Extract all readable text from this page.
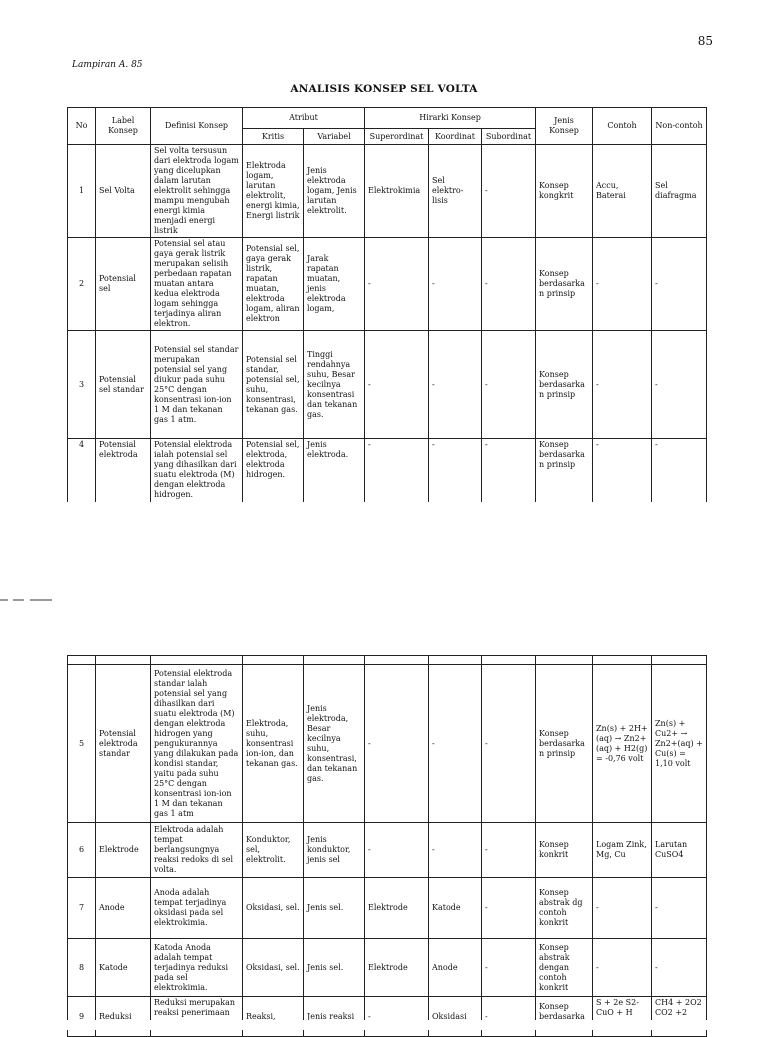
85
Lampiran A. 85
ANALISIS KONSEP SEL VOLTA
No	Label Konsep	Definisi Konsep	Atribut		Hirarki Konsep			Jenis Konsep	Contoh	Non-contoh
			Kritis	Variabel	Superordinat	Koordinat	Subordinat			
1	Sel Volta	Sel volta tersusun dari elektroda logam yang dicelupkan dalam larutan elektrolit sehingga mampu mengubah energi kimia menjadi energi listrik	Elektroda logam, larutan elektrolit, energi kimia, Energi listrik	Jenis elektroda logam, Jenis larutan elektrolit.	Elektrokimia	Sel elektro-lisis	-	Konsep kongkrit	Accu, Baterai	Sel diafragma
2	Potensial sel	Potensial sel atau gaya gerak listrik merupakan selisih perbedaan rapatan muatan antara kedua elektroda logam sehingga terjadinya aliran elektron.	Potensial sel, gaya gerak listrik, rapatan muatan, elektroda logam, aliran elektron	Jarak rapatan muatan, jenis elektroda logam,	-	-	-	Konsep berdasarkan prinsip	-	-
3	Potensial sel standar	Potensial sel standar merupakan potensial sel yang diukur pada suhu 25°C dengan konsentrasi ion-ion 1 M dan tekanan gas 1 atm.	Potensial sel standar, potensial sel, suhu, konsentrasi, tekanan gas.	Tinggi rendahnya suhu, Besar kecilnya konsentrasi dan tekanan gas.	-	-	-	Konsep berdasarkan prinsip	-	-
4	Potensial elektroda	Potensial elektroda ialah potensial sel yang dihasilkan dari suatu elektroda (M) dengan elektroda hidrogen.	Potensial sel, elektroda, elektroda hidrogen.	Jenis elektroda.	-	-	-	Konsep berdasarkan prinsip	-	-

5	Potensial elektroda standar	Potensial elektroda standar ialah potensial sel yang dihasilkan dari suatu elektroda (M) dengan elektroda hidrogen yang pengukurannya yang dilakukan pada kondisi standar, yaitu pada suhu 25°C dengan konsentrasi ion-ion 1 M dan tekanan gas 1 atm	Elektroda, suhu, konsentrasi ion-ion, dan tekanan gas.	Jenis elektroda, Besar kecilnya suhu, konsentrasi, dan tekanan gas.	-	-	-	Konsep berdasarkan prinsip	Zn(s) + 2H+(aq) → Zn2+(aq) + H2(g) = -0,76 volt	Zn(s) + Cu2+ → Zn2+(aq) + Cu(s) = 1,10 volt
6	Elektrode	Elektroda adalah tempat berlangsungnya reaksi redoks di sel volta.	Konduktor, sel, elektrolit.	Jenis konduktor, jenis sel	-	-	-	Konsep konkrit	Logam Zink, Mg, Cu	Larutan CuSO4
7	Anode	Anoda adalah tempat terjadinya oksidasi pada sel elektrokimia.	Oksidasi, sel.	Jenis sel.	Elektrode	Katode	-	Konsep abstrak dg contoh konkrit	-	-
8	Katode	Katoda Anoda adalah tempat terjadinya reduksi pada sel elektrokimia.	Oksidasi, sel.	Jenis sel.	Elektrode	Anode	-	Konsep abstrak dengan contoh konkrit	-	-
9	Reduksi	Reduksi merupakan reaksi penerimaan	Reaksi,	Jenis reaksi	-	Oksidasi	-	Konsep berdasarka	S + 2e S2- CuO + H	CH4 + 2O2 CO2 +2
